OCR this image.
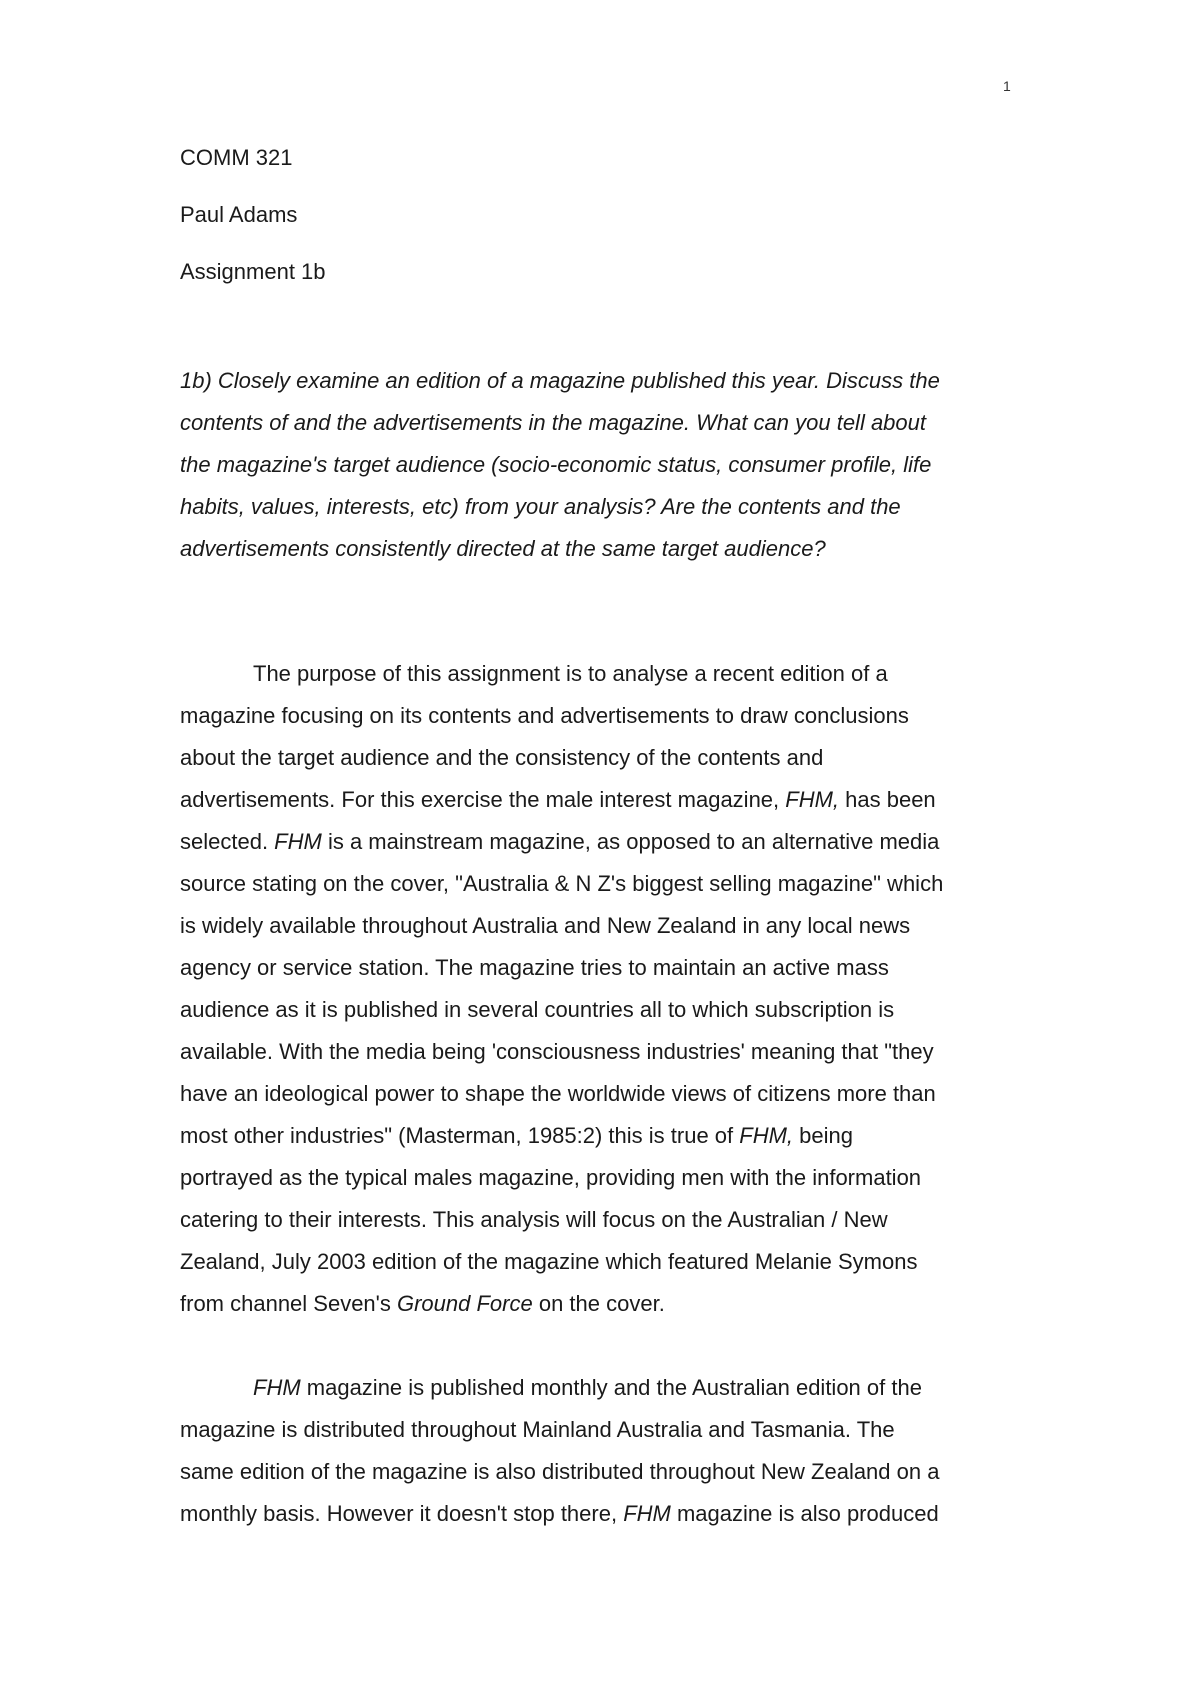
1

COMM 321

Paul Adams

Assignment 1b

1b) Closely examine an edition of a magazine published this year. Discuss the
contents of and the advertisements in the magazine. What can you tell about
the magazine's target audience (socio-economic status, consumer profile, life
habits, values, interests, etc) from your analysis? Are the contents and the
advertisements consistently directed at the same target audience?
The purpose of this assignment is to analyse a recent edition of a
magazine focusing on its contents and advertisements to draw conclusions
about the target audience and the consistency of the contents and
advertisements. For this exercise the male interest magazine, FHM, has been
selected. FHM is a mainstream magazine, as opposed to an alternative media
source stating on the cover, "Australia & N Z's biggest selling magazine" which
is widely available throughout Australia and New Zealand in any local news
agency or service station. The magazine tries to maintain an active mass
audience as it is published in several countries all to which subscription is
available. With the media being 'consciousness industries' meaning that "they
have an ideological power to shape the worldwide views of citizens more than
most other industries" (Masterman, 1985:2) this is true of FHM, being
portrayed as the typical males magazine, providing men with the information
catering to their interests. This analysis will focus on the Australian / New
Zealand, July 2003 edition of the magazine which featured Melanie Symons
from channel Seven's Ground Force on the cover.
FHM magazine is published monthly and the Australian edition of the
magazine is distributed throughout Mainland Australia and Tasmania. The
same edition of the magazine is also distributed throughout New Zealand on a
monthly basis. However it doesn't stop there, FHM magazine is also produced
